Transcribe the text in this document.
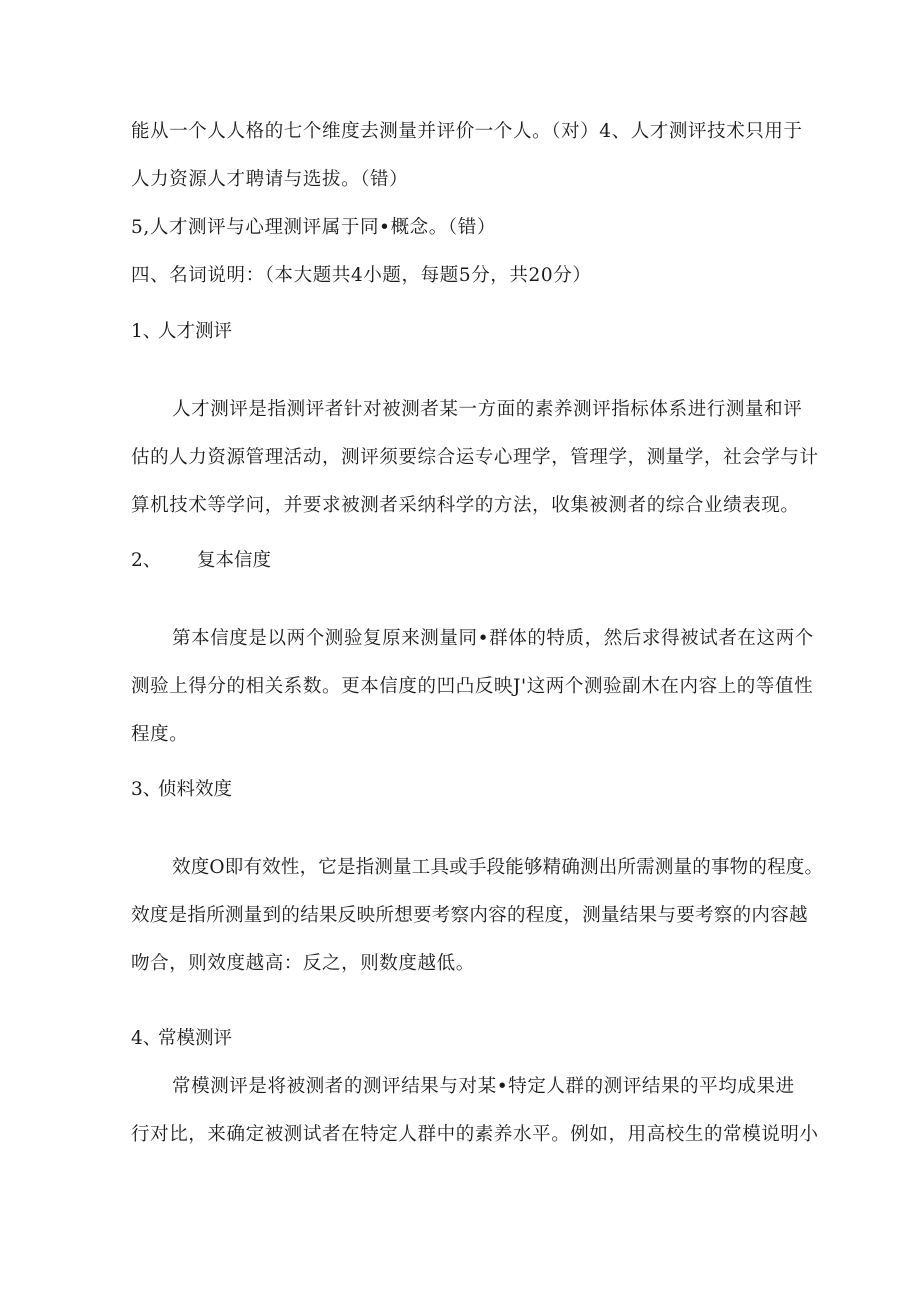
能从一个人人格的七个维度去测量并评价一个人。（对）4、人才测评技术只用于
人力资源人才聘请与选拔。（错）
5,人才测评与心理测评属于同•概念。（错）
四、名词说明：（本大题共4小题，每题5分，共20分）
1、
人才测评
人才测评是指测评者针对被测者某一方面的素养测评指标体系进行测量和评
估的人力资源管理活动，测评须要综合运专心理学，管理学，测量学，社会学与计
算机技术等学问，并要求被测者采纳科学的方法，收集被测者的综合业绩表现。
2、 复本信度
第本信度是以两个测验复原来测量同•群体的特质，然后求得被试者在这两个
测验上得分的相关系数。更本信度的凹凸反映J'这两个测验副木在内容上的等值性
程度。
3、
侦料效度
效度O即有效性，它是指测量工具或手段能够精确测出所需测量的事物的程度。
效度是指所测量到的结果反映所想要考察内容的程度，测量结果与要考察的内容越
吻合，则效度越高：反之，则数度越低。
4、
常模测评
常模测评是将被测者的测评结果与对某•特定人群的测评结果的平均成果进
行对比，来确定被测试者在特定人群中的素养水平。例如，用高校生的常模说明小
